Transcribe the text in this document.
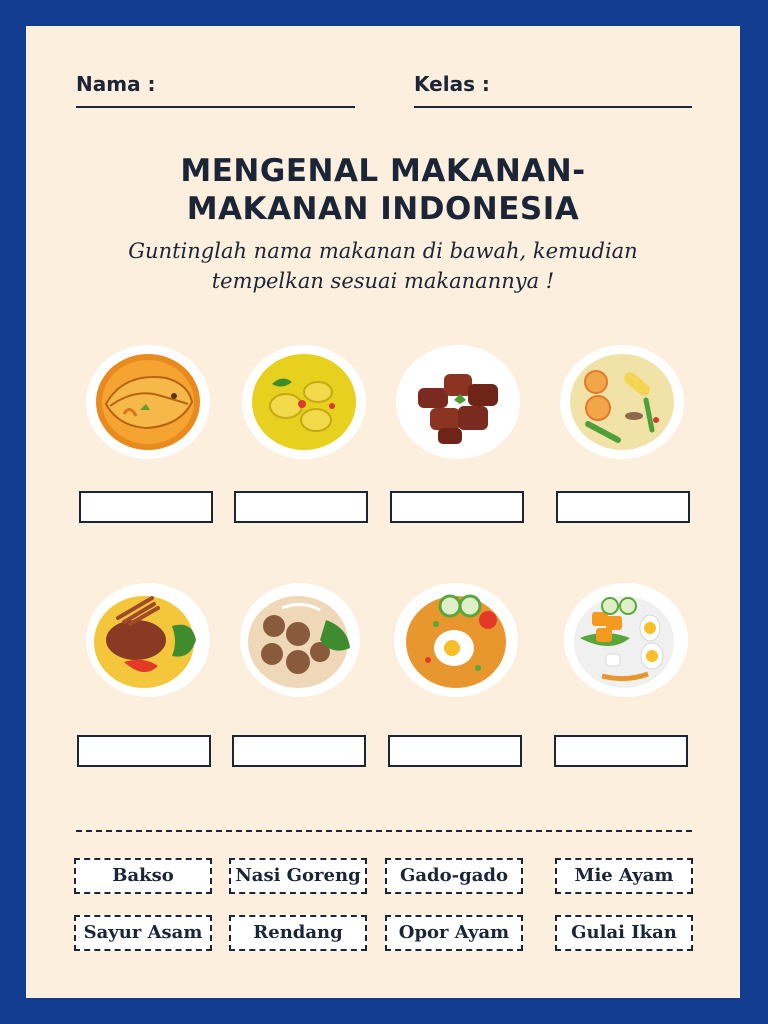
Nama :	Kelas :
MENGENAL MAKANAN-
MAKANAN INDONESIA
Guntinglah nama makanan di bawah, kemudian
tempelkan sesuai makanannya !
Bakso	Nasi Goreng	Gado-gado	Mie Ayam
Sayur Asam	Rendang	Opor Ayam	Gulai Ikan
